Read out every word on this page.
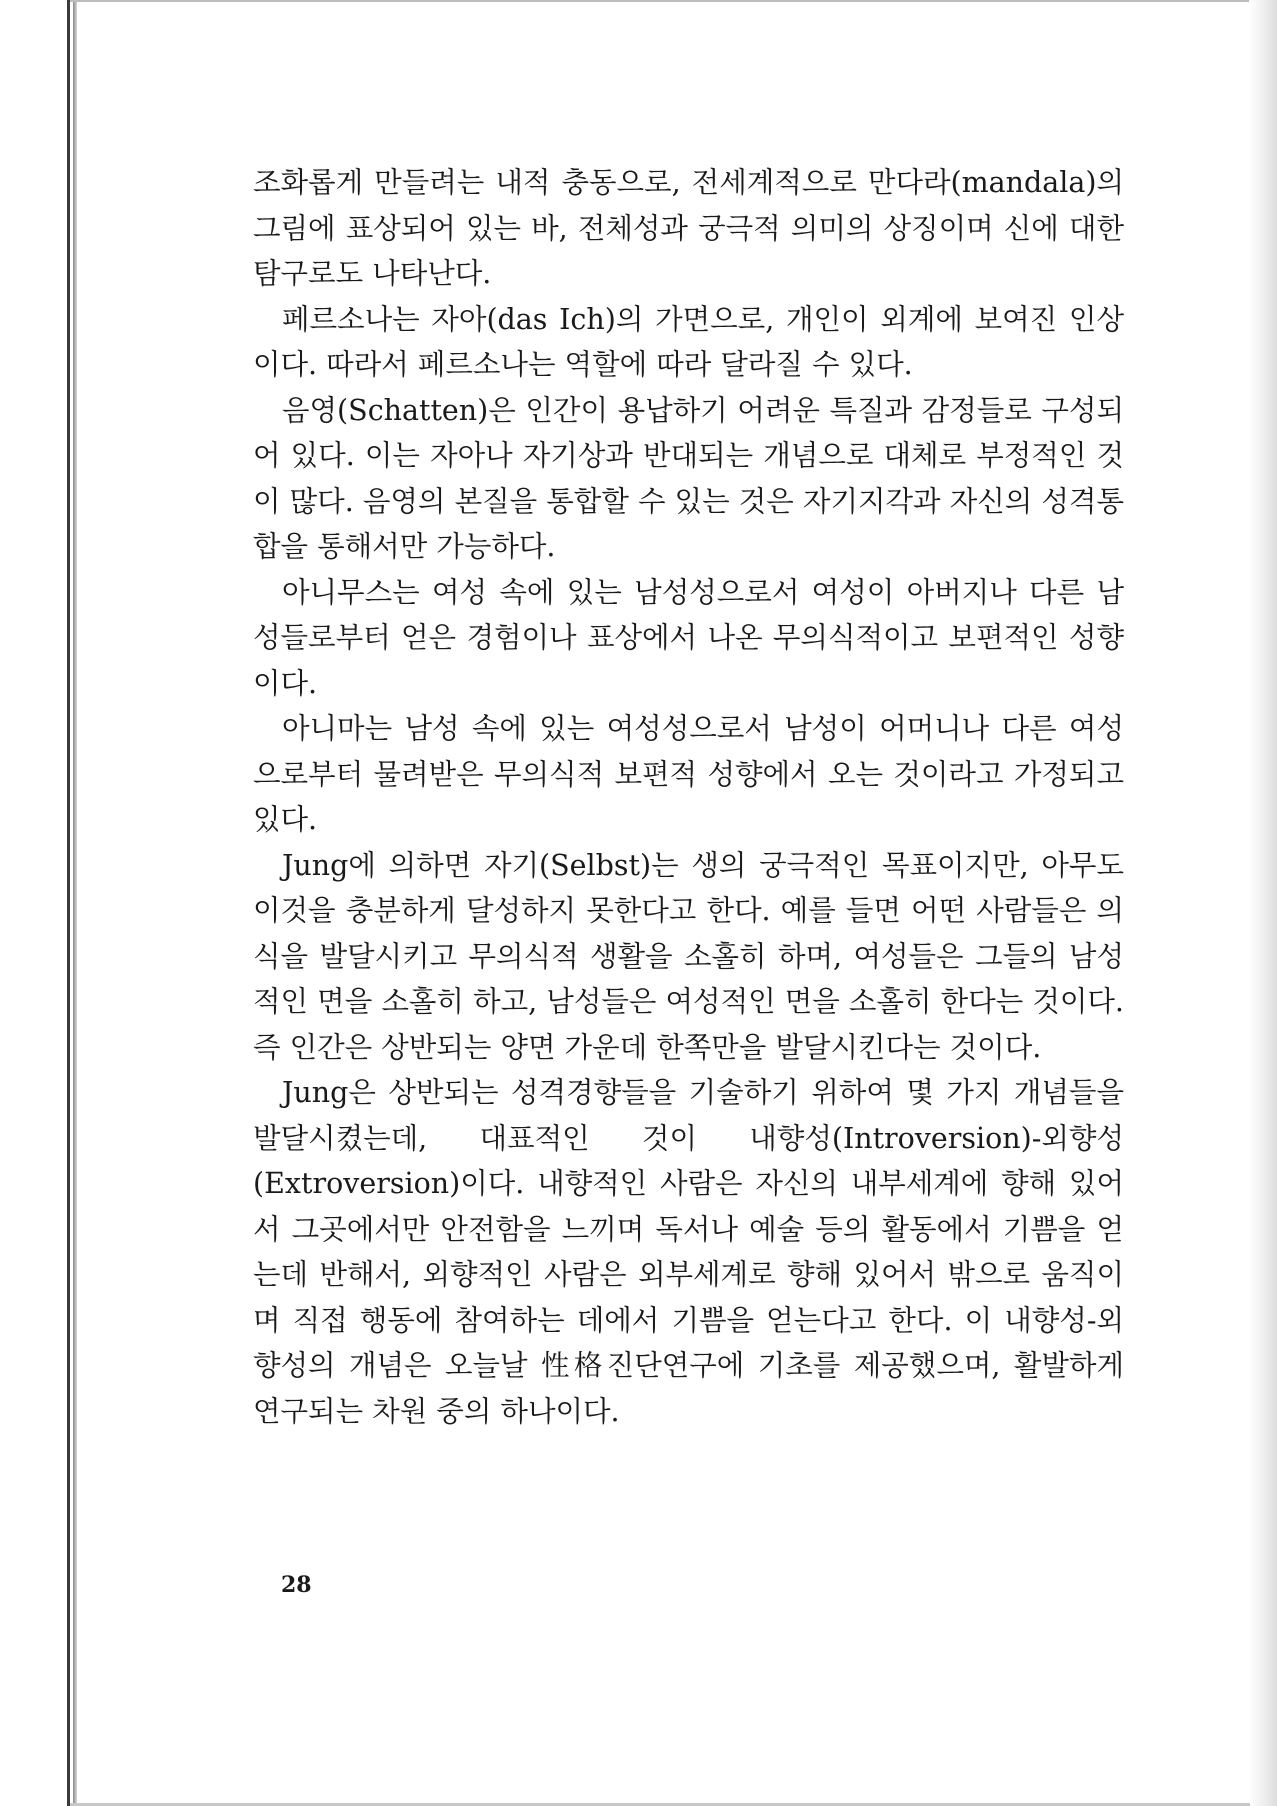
조화롭게 만들려는 내적 충동으로, 전세계적으로 만다라(mandala)의 그림에 표상되어 있는 바, 전체성과 궁극적 의미의 상징이며 신에 대한 탐구로도 나타난다.

페르소나는 자아(das Ich)의 가면으로, 개인이 외계에 보여진 인상이다. 따라서 페르소나는 역할에 따라 달라질 수 있다.

음영(Schatten)은 인간이 용납하기 어려운 특질과 감정들로 구성되어 있다. 이는 자아나 자기상과 반대되는 개념으로 대체로 부정적인 것이 많다. 음영의 본질을 통합할 수 있는 것은 자기지각과 자신의 성격통합을 통해서만 가능하다.

아니무스는 여성 속에 있는 남성성으로서 여성이 아버지나 다른 남성들로부터 얻은 경험이나 표상에서 나온 무의식적이고 보편적인 성향이다.

아니마는 남성 속에 있는 여성성으로서 남성이 어머니나 다른 여성으로부터 물려받은 무의식적 보편적 성향에서 오는 것이라고 가정되고 있다.

Jung에 의하면 자기(Selbst)는 생의 궁극적인 목표이지만, 아무도 이것을 충분하게 달성하지 못한다고 한다. 예를 들면 어떤 사람들은 의식을 발달시키고 무의식적 생활을 소홀히 하며, 여성들은 그들의 남성적인 면을 소홀히 하고, 남성들은 여성적인 면을 소홀히 한다는 것이다. 즉 인간은 상반되는 양면 가운데 한쪽만을 발달시킨다는 것이다.

Jung은 상반되는 성격경향들을 기술하기 위하여 몇 가지 개념들을 발달시켰는데, 대표적인 것이 내향성(Introversion)-외향성(Extroversion)이다. 내향적인 사람은 자신의 내부세계에 향해 있어서 그곳에서만 안전함을 느끼며 독서나 예술 등의 활동에서 기쁨을 얻는데 반해서, 외향적인 사람은 외부세계로 향해 있어서 밖으로 움직이며 직접 행동에 참여하는 데에서 기쁨을 얻는다고 한다. 이 내향성-외향성의 개념은 오늘날 性格진단연구에 기초를 제공했으며, 활발하게 연구되는 차원 중의 하나이다.

28
